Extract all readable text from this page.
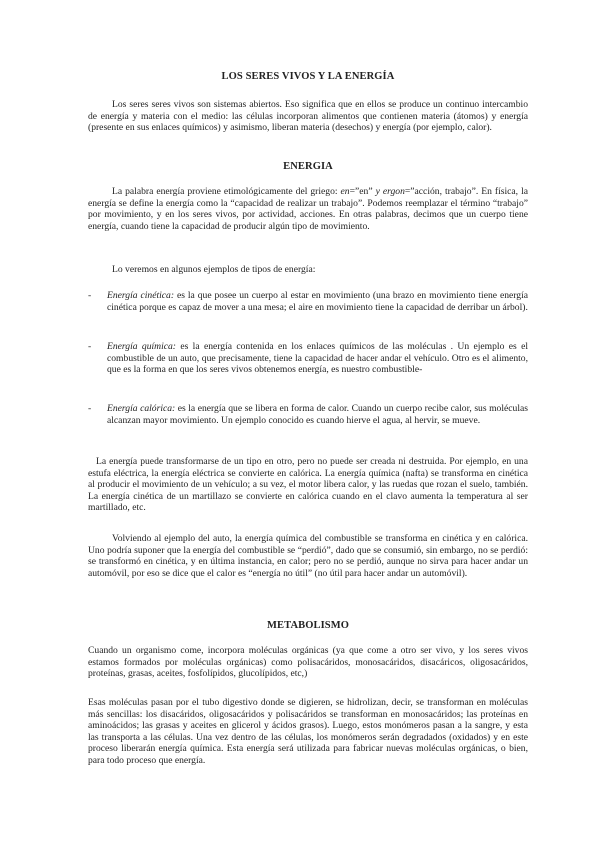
LOS SERES VIVOS Y LA ENERGÍA

Los seres seres vivos son sistemas abiertos. Eso significa que en ellos se produce un continuo intercambio de energía y materia con el medio: las células incorporan alimentos que contienen materia (átomos) y energía (presente en sus enlaces químicos) y asimismo, liberan materia (desechos) y energía (por ejemplo, calor).

ENERGIA

La palabra energía proviene etimológicamente del griego: en=”en” y ergon=”acción, trabajo”. En física, la energía se define la energía como la “capacidad de realizar un trabajo”. Podemos reemplazar el término “trabajo” por movimiento, y en los seres vivos, por actividad, acciones. En otras palabras, decimos que un cuerpo tiene energía, cuando tiene la capacidad de producir algún tipo de movimiento.

Lo veremos en algunos ejemplos de tipos de energía:

- Energía cinética: es la que posee un cuerpo al estar en movimiento (una brazo en movimiento tiene energía cinética porque es capaz de mover a una mesa; el aire en movimiento tiene la capacidad de derribar un árbol).

- Energía química: es la energía contenida en los enlaces químicos de las moléculas . Un ejemplo es el combustible de un auto, que precisamente, tiene la capacidad de hacer andar el vehículo. Otro es el alimento, que es la forma en que los seres vivos obtenemos energía, es nuestro combustible-

- Energía calórica: es la energía que se libera en forma de calor. Cuando un cuerpo recibe calor, sus moléculas alcanzan mayor movimiento. Un ejemplo conocido es cuando hierve el agua, al hervir, se mueve.

La energía puede transformarse de un tipo en otro, pero no puede ser creada ni destruida. Por ejemplo, en una estufa eléctrica, la energía eléctrica se convierte en calórica. La energía química (nafta) se transforma en cinética al producir el movimiento de un vehículo; a su vez, el motor libera calor, y las ruedas que rozan el suelo, también. La energía cinética de un martillazo se convierte en calórica cuando en el clavo aumenta la temperatura al ser martillado, etc.

Volviendo al ejemplo del auto, la energía química del combustible se transforma en cinética y en calórica. Uno podría suponer que la energía del combustible se “perdió”, dado que se consumió, sin embargo, no se perdió: se transformó en cinética, y en última instancia, en calor; pero no se perdió, aunque no sirva para hacer andar un automóvil, por eso se dice que el calor es “energía no útil” (no útil para hacer andar un automóvil).

METABOLISMO

Cuando un organismo come, incorpora moléculas orgánicas (ya que come a otro ser vivo, y los seres vivos estamos formados por moléculas orgánicas) como polisacáridos, monosacáridos, disacáricos, oligosacáridos, proteínas, grasas, aceites, fosfolípidos, glucolípidos, etc,)

Esas moléculas pasan por el tubo digestivo donde se digieren, se hidrolizan, decir, se transforman en moléculas más sencillas: los disacáridos, oligosacáridos y polisacáridos se transforman en monosacáridos; las proteínas en aminoácidos; las grasas y aceites en glicerol y ácidos grasos). Luego, estos monómeros pasan a la sangre, y esta las transporta a las células. Una vez dentro de las células, los monómeros serán degradados (oxidados) y en este proceso liberarán energía química. Esta energía será utilizada para fabricar nuevas moléculas orgánicas, o bien, para todo proceso que energía.
